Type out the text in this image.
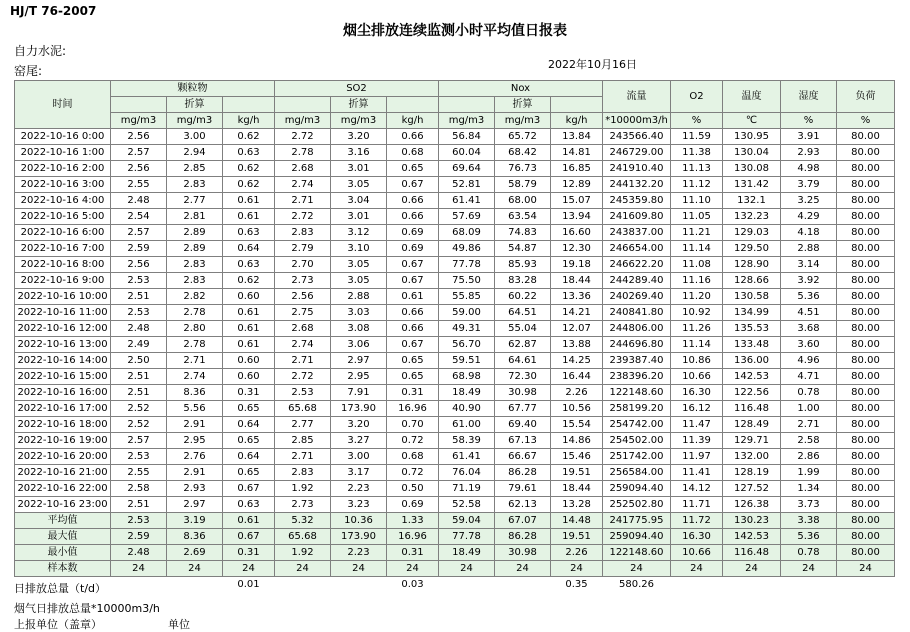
HJ/T 76-2007
烟尘排放连续监测小时平均值日报表
自力水泥:
窑尾:	2022年10月16日
时间	颗粒物			SO2			Nox			流量	O2	温度	湿度	负荷
		折算			折算			折算						
	mg/m3	mg/m3	kg/h	mg/m3	mg/m3	kg/h	mg/m3	mg/m3	kg/h	*10000m3/h	%	℃	%	%
2022-10-16 0:00	2.56	3.00	0.62	2.72	3.20	0.66	56.84	65.72	13.84	243566.40	11.59	130.95	3.91	80.00
2022-10-16 1:00	2.57	2.94	0.63	2.78	3.16	0.68	60.04	68.42	14.81	246729.00	11.38	130.04	2.93	80.00
2022-10-16 2:00	2.56	2.85	0.62	2.68	3.01	0.65	69.64	76.73	16.85	241910.40	11.13	130.08	4.98	80.00
2022-10-16 3:00	2.55	2.83	0.62	2.74	3.05	0.67	52.81	58.79	12.89	244132.20	11.12	131.42	3.79	80.00
2022-10-16 4:00	2.48	2.77	0.61	2.71	3.04	0.66	61.41	68.00	15.07	245359.80	11.10	132.1	3.25	80.00
2022-10-16 5:00	2.54	2.81	0.61	2.72	3.01	0.66	57.69	63.54	13.94	241609.80	11.05	132.23	4.29	80.00
2022-10-16 6:00	2.57	2.89	0.63	2.83	3.12	0.69	68.09	74.83	16.60	243837.00	11.21	129.03	4.18	80.00
2022-10-16 7:00	2.59	2.89	0.64	2.79	3.10	0.69	49.86	54.87	12.30	246654.00	11.14	129.50	2.88	80.00
2022-10-16 8:00	2.56	2.83	0.63	2.70	3.05	0.67	77.78	85.93	19.18	246622.20	11.08	128.90	3.14	80.00
2022-10-16 9:00	2.53	2.83	0.62	2.73	3.05	0.67	75.50	83.28	18.44	244289.40	11.16	128.66	3.92	80.00
2022-10-16 10:00	2.51	2.82	0.60	2.56	2.88	0.61	55.85	60.22	13.36	240269.40	11.20	130.58	5.36	80.00
2022-10-16 11:00	2.53	2.78	0.61	2.75	3.03	0.66	59.00	64.51	14.21	240841.80	10.92	134.99	4.51	80.00
2022-10-16 12:00	2.48	2.80	0.61	2.68	3.08	0.66	49.31	55.04	12.07	244806.00	11.26	135.53	3.68	80.00
2022-10-16 13:00	2.49	2.78	0.61	2.74	3.06	0.67	56.70	62.87	13.88	244696.80	11.14	133.48	3.60	80.00
2022-10-16 14:00	2.50	2.71	0.60	2.71	2.97	0.65	59.51	64.61	14.25	239387.40	10.86	136.00	4.96	80.00
2022-10-16 15:00	2.51	2.74	0.60	2.72	2.95	0.65	68.98	72.30	16.44	238396.20	10.66	142.53	4.71	80.00
2022-10-16 16:00	2.51	8.36	0.31	2.53	7.91	0.31	18.49	30.98	2.26	122148.60	16.30	122.56	0.78	80.00
2022-10-16 17:00	2.52	5.56	0.65	65.68	173.90	16.96	40.90	67.77	10.56	258199.20	16.12	116.48	1.00	80.00
2022-10-16 18:00	2.52	2.91	0.64	2.77	3.20	0.70	61.00	69.40	15.54	254742.00	11.47	128.49	2.71	80.00
2022-10-16 19:00	2.57	2.95	0.65	2.85	3.27	0.72	58.39	67.13	14.86	254502.00	11.39	129.71	2.58	80.00
2022-10-16 20:00	2.53	2.76	0.64	2.71	3.00	0.68	61.41	66.67	15.46	251742.00	11.97	132.00	2.86	80.00
2022-10-16 21:00	2.55	2.91	0.65	2.83	3.17	0.72	76.04	86.28	19.51	256584.00	11.41	128.19	1.99	80.00
2022-10-16 22:00	2.58	2.93	0.67	1.92	2.23	0.50	71.19	79.61	18.44	259094.40	14.12	127.52	1.34	80.00
2022-10-16 23:00	2.51	2.97	0.63	2.73	3.23	0.69	52.58	62.13	13.28	252502.80	11.71	126.38	3.73	80.00
平均值	2.53	3.19	0.61	5.32	10.36	1.33	59.04	67.07	14.48	241775.95	11.72	130.23	3.38	80.00
最大值	2.59	8.36	0.67	65.68	173.90	16.96	77.78	86.28	19.51	259094.40	16.30	142.53	5.36	80.00
最小值	2.48	2.69	0.31	1.92	2.23	0.31	18.49	30.98	2.26	122148.60	10.66	116.48	0.78	80.00
样本数	24	24	24	24	24	24	24	24	24	24	24	24	24	24
			0.01			0.03			0.35	580.26				
日排放总量（t/d）
烟气日排放总量*10000m3/h
上报单位（盖章）	单位
